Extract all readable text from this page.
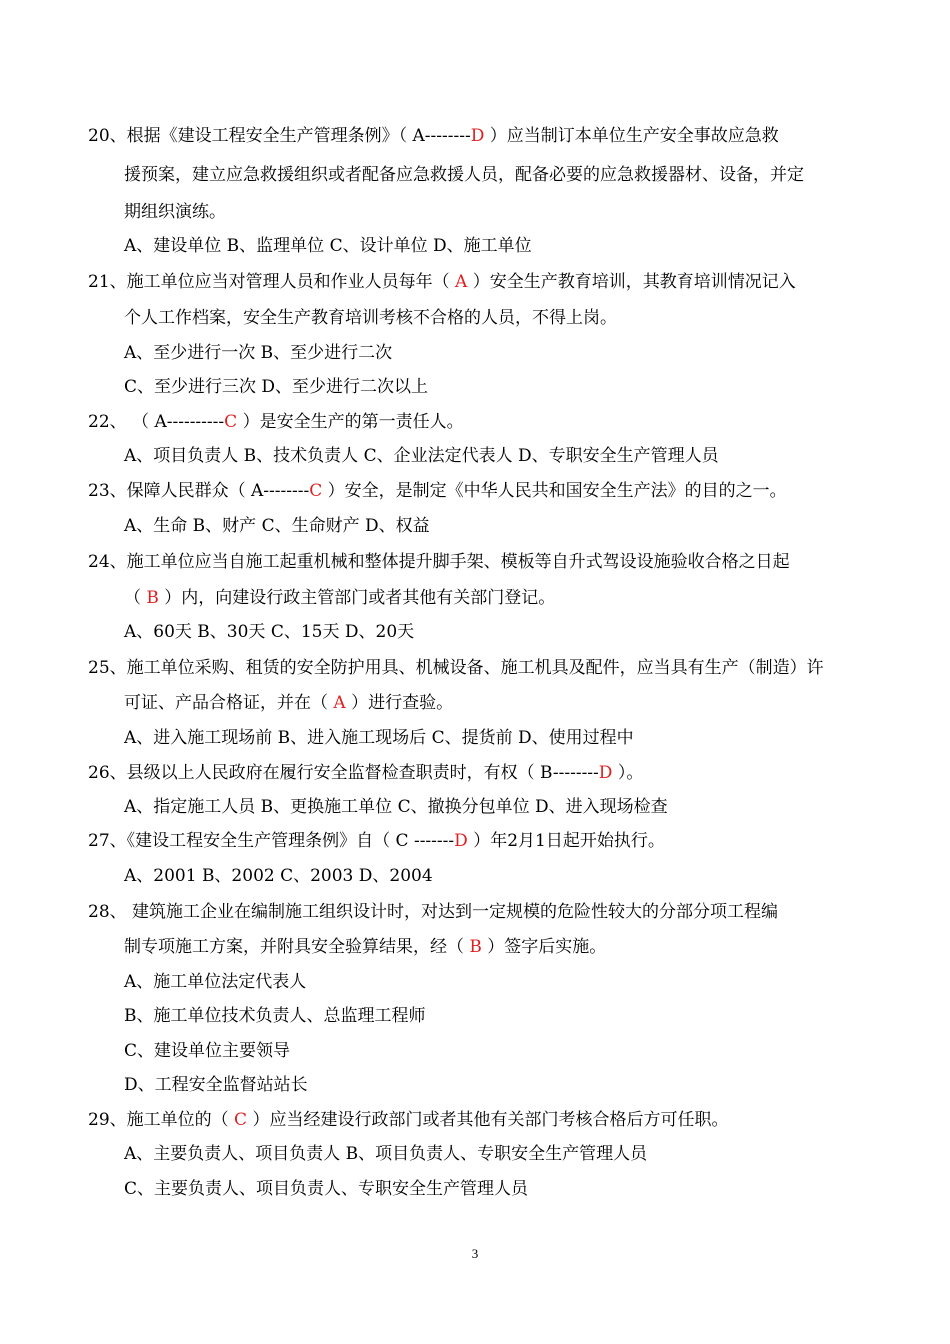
20、根据《建设工程安全生产管理条例》（ A--------D ）应当制订本单位生产安全事故应急救
援预案，建立应急救援组织或者配备应急救援人员，配备必要的应急救援器材、设备，并定
期组织演练。
A、建设单位 B、监理单位 C、设计单位 D、施工单位
21、施工单位应当对管理人员和作业人员每年（ A ）安全生产教育培训，其教育培训情况记入
个人工作档案，安全生产教育培训考核不合格的人员，不得上岗。
A、至少进行一次 B、至少进行二次
C、至少进行三次 D、至少进行二次以上
22、 （ A----------C ）是安全生产的第一责任人。
A、项目负责人 B、技术负责人 C、企业法定代表人 D、专职安全生产管理人员
23、保障人民群众（ A--------C ）安全，是制定《中华人民共和国安全生产法》的目的之一。
A、生命 B、财产 C、生命财产 D、权益
24、施工单位应当自施工起重机械和整体提升脚手架、模板等自升式驾设设施验收合格之日起
（ B ）内，向建设行政主管部门或者其他有关部门登记。
A、60天 B、30天 C、15天 D、20天
25、施工单位采购、租赁的安全防护用具、机械设备、施工机具及配件，应当具有生产（制造）许
可证、产品合格证，并在（ A ）进行查验。
A、进入施工现场前 B、进入施工现场后 C、提货前 D、使用过程中
26、县级以上人民政府在履行安全监督检查职责时，有权（ B--------D ）。
A、指定施工人员 B、更换施工单位 C、撤换分包单位 D、进入现场检查
27、《建设工程安全生产管理条例》自（ C -------D ）年2月1日起开始执行。
A、2001 B、2002 C、2003 D、2004
28、 建筑施工企业在编制施工组织设计时，对达到一定规模的危险性较大的分部分项工程编
制专项施工方案，并附具安全验算结果，经（ B ）签字后实施。
A、施工单位法定代表人
B、施工单位技术负责人、总监理工程师
C、建设单位主要领导
D、工程安全监督站站长
29、施工单位的（ C ）应当经建设行政部门或者其他有关部门考核合格后方可任职。
A、主要负责人、项目负责人 B、项目负责人、专职安全生产管理人员
C、主要负责人、项目负责人、专职安全生产管理人员
3
